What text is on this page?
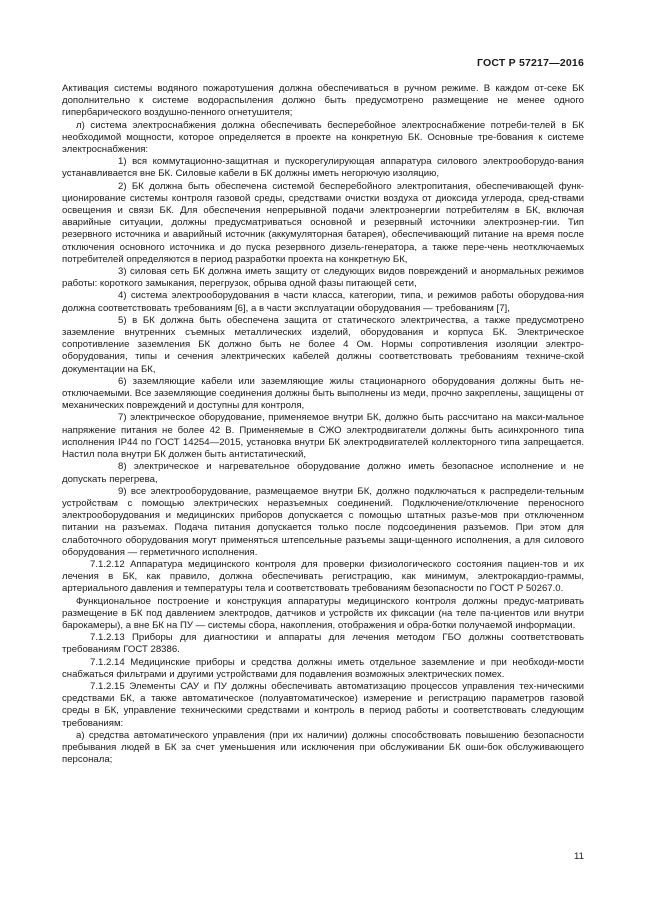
ГОСТ Р 57217—2016

Активация системы водяного пожаротушения должна обеспечиваться в ручном режиме. В каждом от-секе БК дополнительно к системе водораспыления должно быть предусмотрено размещение не менее одного гипербарического воздушно-пенного огнетушителя;

л) система электроснабжения должна обеспечивать бесперебойное электроснабжение потреби-телей в БК необходимой мощности, которое определяется в проекте на конкретную БК. Основные тре-бования к системе электроснабжения:

1) вся коммутационно-защитная и пускорегулирующая аппаратура силового электрооборудо-вания устанавливается вне БК. Силовые кабели в БК должны иметь негорючую изоляцию,

2) БК должна быть обеспечена системой бесперебойного электропитания, обеспечивающей функ-ционирование системы контроля газовой среды, средствами очистки воздуха от диоксида углерода, сред-ствами освещения и связи БК. Для обеспечения непрерывной подачи электроэнергии потребителям в БК, включая аварийные ситуации, должны предусматриваться основной и резервный источники электроэнер-гии. Тип резервного источника и аварийный источник (аккумуляторная батарея), обеспечивающий питание на время после отключения основного источника и до пуска резервного дизель-генератора, а также пере-чень неотключаемых потребителей определяются в период разработки проекта на конкретную БК,

3) силовая сеть БК должна иметь защиту от следующих видов повреждений и анормальных режимов работы: короткого замыкания, перегрузок, обрыва одной фазы питающей сети,

4) система электрооборудования в части класса, категории, типа, и режимов работы оборудова-ния должна соответствовать требованиям [6], а в части эксплуатации оборудования — требованиям [7],

5) в БК должна быть обеспечена защита от статического электричества, а также предусмотрено заземление внутренних съемных металлических изделий, оборудования и корпуса БК. Электрическое сопротивление заземления БК должно быть не более 4 Ом. Нормы сопротивления изоляции электро-оборудования, типы и сечения электрических кабелей должны соответствовать требованиям техниче-ской документации на БК,

6) заземляющие кабели или заземляющие жилы стационарного оборудования должны быть не-отключаемыми. Все заземляющие соединения должны быть выполнены из меди, прочно закреплены, защищены от механических повреждений и доступны для контроля,

7) электрическое оборудование, применяемое внутри БК, должно быть рассчитано на макси-мальное напряжение питания не более 42 В. Применяемые в СЖО электродвигатели должны быть асинхронного типа исполнения IP44 по ГОСТ 14254—2015, установка внутри БК электродвигателей коллекторного типа запрещается. Настил пола внутри БК должен быть антистатический,

8) электрическое и нагревательное оборудование должно иметь безопасное исполнение и не допускать перегрева,

9) все электрооборудование, размещаемое внутри БК, должно подключаться к распредели-тельным устройствам с помощью электрических неразъемных соединений. Подключение/отключение переносного электрооборудования и медицинских приборов допускается с помощью штатных разъе-мов при отключенном питании на разъемах. Подача питания допускается только после подсоединения разъемов. При этом для слаботочного оборудования могут применяться штепсельные разъемы защи-щенного исполнения, а для силового оборудования — герметичного исполнения.

7.1.2.12 Аппаратура медицинского контроля для проверки физиологического состояния пациен-тов и их лечения в БК, как правило, должна обеспечивать регистрацию, как минимум, электрокардио-граммы, артериального давления и температуры тела и соответствовать требованиям безопасности по ГОСТ Р 50267.0.

Функциональное построение и конструкция аппаратуры медицинского контроля должны предус-матривать размещение в БК под давлением электродов, датчиков и устройств их фиксации (на теле па-циентов или внутри барокамеры), а вне БК на ПУ — системы сбора, накопления, отображения и обра-ботки получаемой информации.

7.1.2.13 Приборы для диагностики и аппараты для лечения методом ГБО должны соответствовать требованиям ГОСТ 28386.

7.1.2.14 Медицинские приборы и средства должны иметь отдельное заземление и при необходи-мости снабжаться фильтрами и другими устройствами для подавления возможных электрических помех.

7.1.2.15 Элементы САУ и ПУ должны обеспечивать автоматизацию процессов управления тех-ническими средствами БК, а также автоматическое (полуавтоматическое) измерение и регистрацию параметров газовой среды в БК, управление техническими средствами и контроль в период работы и соответствовать следующим требованиям:

а) средства автоматического управления (при их наличии) должны способствовать повышению безопасности пребывания людей в БК за счет уменьшения или исключения при обслуживании БК оши-бок обслуживающего персонала;

11
